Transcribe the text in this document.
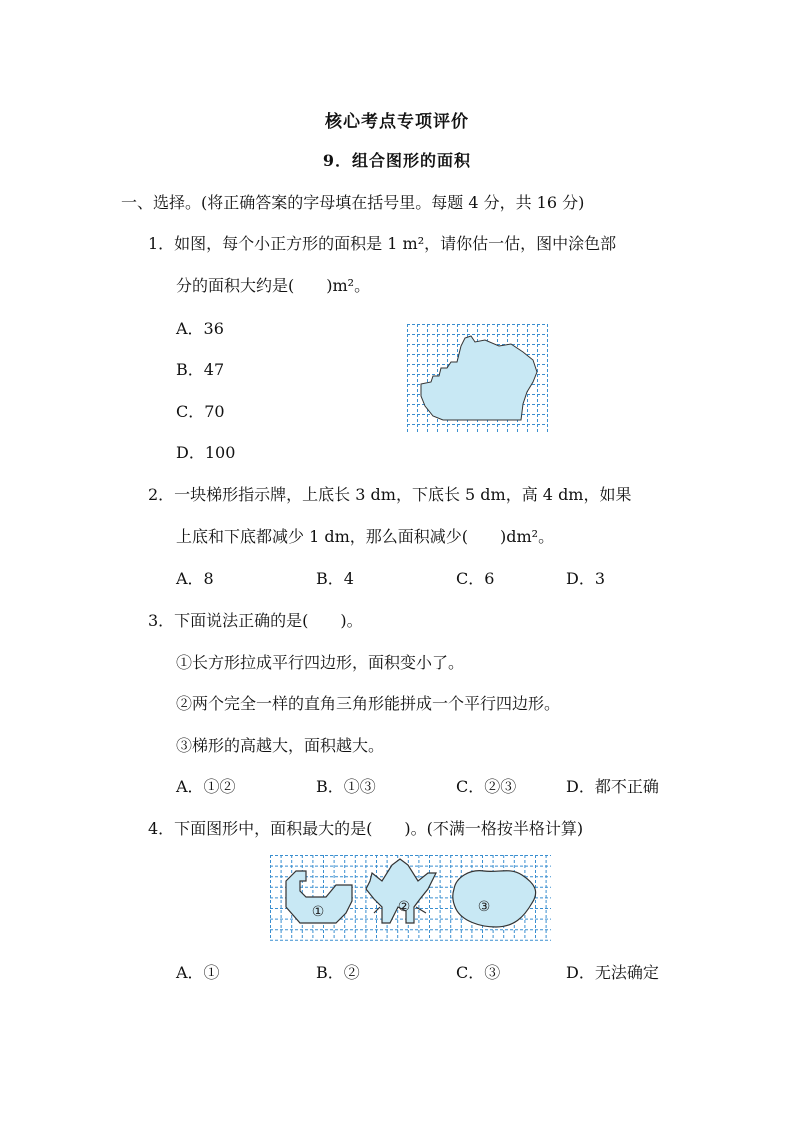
核心考点专项评价
9．组合图形的面积
一、选择。(将正确答案的字母填在括号里。每题 4 分，共 16 分)
1．如图，每个小正方形的面积是 1 m²，请你估一估，图中涂色部
分的面积大约是(　　)m²。
A．36
B．47
C．70
D．100
2．一块梯形指示牌，上底长 3 dm，下底长 5 dm，高 4 dm，如果
上底和下底都减少 1 dm，那么面积减少(　　)dm²。
A．8	B．4	C．6	D．3
3．下面说法正确的是(　　)。
①长方形拉成平行四边形，面积变小了。
②两个完全一样的直角三角形能拼成一个平行四边形。
③梯形的高越大，面积越大。
A．①②	B．①③	C．②③	D．都不正确
4．下面图形中，面积最大的是(　　)。(不满一格按半格计算)
①	②	③
A．①	B．②	C．③	D．无法确定
